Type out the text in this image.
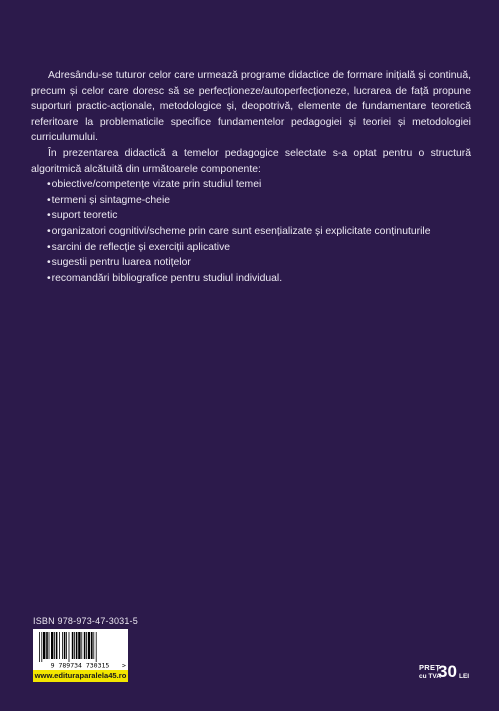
Adresându-se tuturor celor care urmează programe didactice de formare inițială și continuă, precum și celor care doresc să se perfecționeze/autoperfecționeze, lucrarea de față propune suporturi practic-acționale, metodologice și, deopotrivă, elemente de fundamentare teoretică referitoare la problematicile specifice fundamentelor pedagogiei și teoriei și metodologiei curriculumului.

În prezentarea didactică a temelor pedagogice selectate s-a optat pentru o structură algoritmică alcătuită din următoarele componente:

•obiective/competențe vizate prin studiul temei
•termeni și sintagme-cheie
•suport teoretic
•organizatori cognitivi/scheme prin care sunt esențializate și explicitate conținuturile
•sarcini de reflecție și exerciții aplicative
•sugestii pentru luarea notițelor
•recomandări bibliografice pentru studiul individual.
ISBN 978-973-47-3031-5
9 789734 730315 >
www.edituraparalela45.ro
PREȚ
cu TVA
30 LEI
